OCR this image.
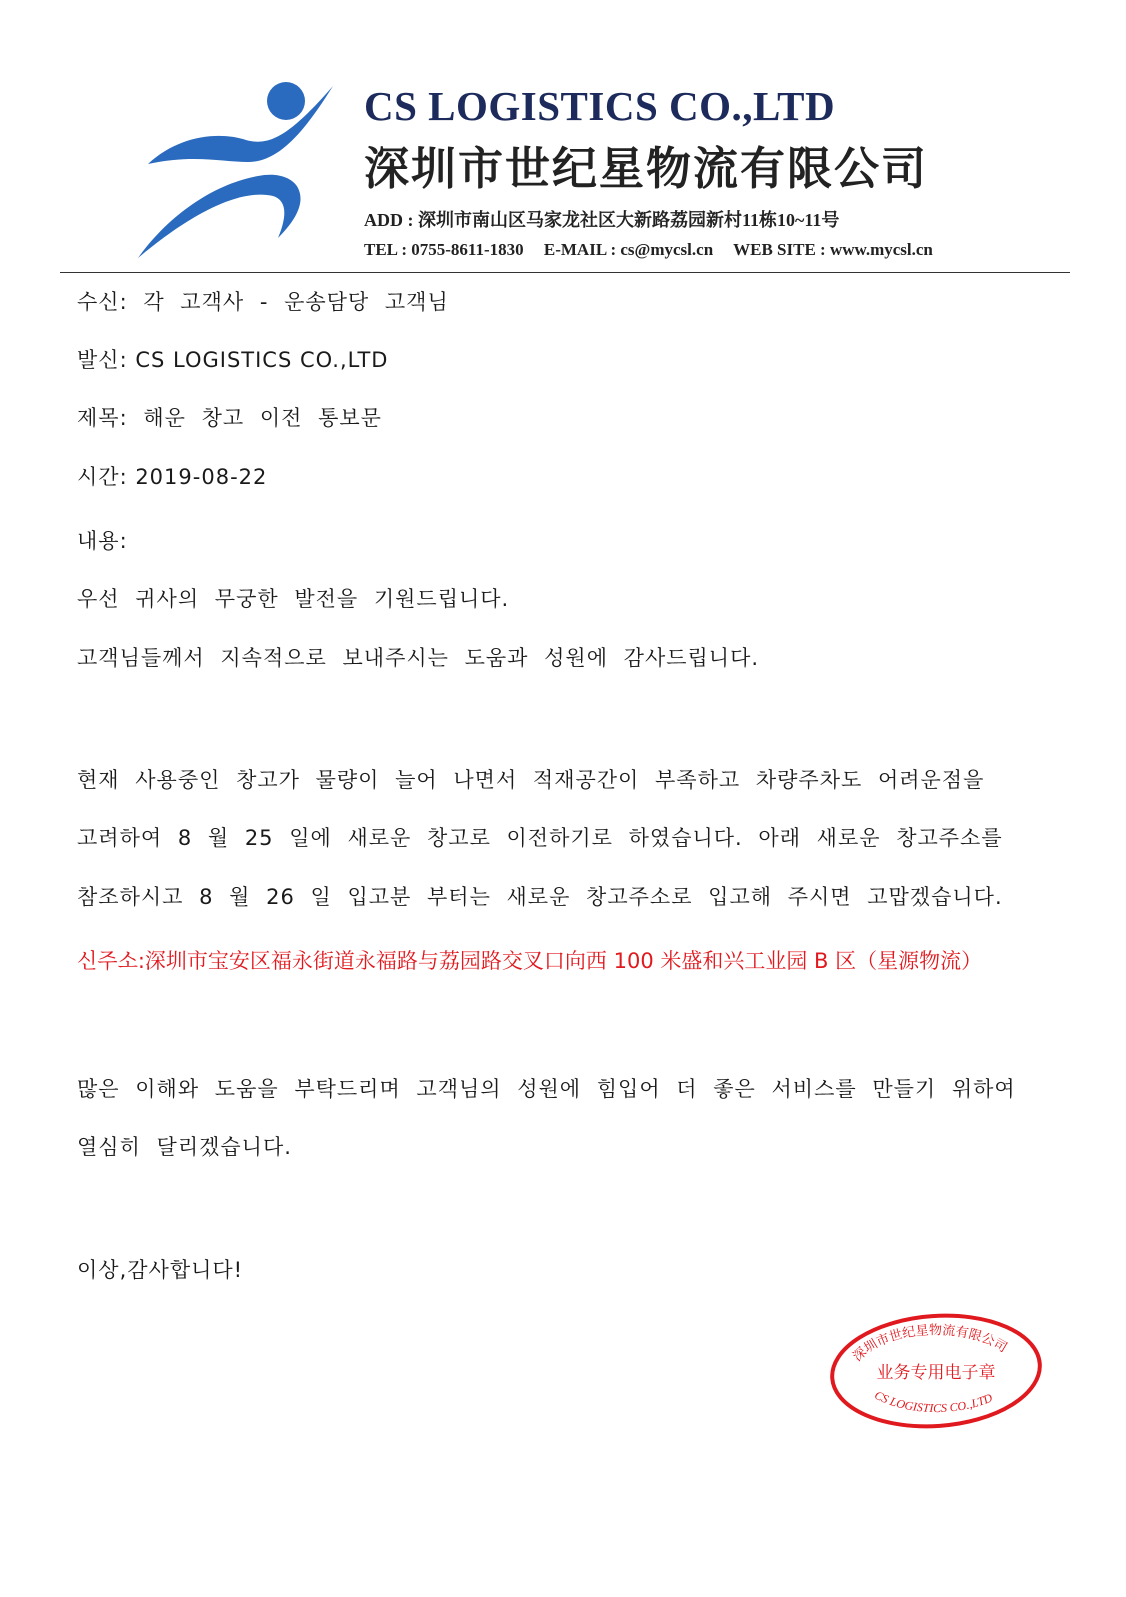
CS LOGISTICS CO.,LTD
深圳市世纪星物流有限公司
ADD : 深圳市南山区马家龙社区大新路荔园新村11栋10~11号
TEL : 0755-8611-1830 E-MAIL : cs@mycsl.cn WEB SITE : www.mycsl.cn
수신: 각 고객사 - 운송담당 고객님
발신: CS LOGISTICS CO.,LTD
제목: 해운 창고 이전 통보문
시간: 2019-08-22
내용:
우선 귀사의 무궁한 발전을 기원드립니다.
고객님들께서 지속적으로 보내주시는 도움과 성원에 감사드립니다.
현재 사용중인 창고가 물량이 늘어 나면서 적재공간이 부족하고 차량주차도 어려운점을
고려하여 8 월 25 일에 새로운 창고로 이전하기로 하였습니다. 아래 새로운 창고주소를
참조하시고 8 월 26 일 입고분 부터는 새로운 창고주소로 입고해 주시면 고맙겠습니다.
신주소:深圳市宝安区福永街道永福路与荔园路交叉口向西 100 米盛和兴工业园 B 区（星源物流）
많은 이해와 도움을 부탁드리며 고객님의 성원에 힘입어 더 좋은 서비스를 만들기 위하여
열심히 달리겠습니다.
이상,감사합니다!
深圳市世纪星物流有限公司
业务专用电子章
CS LOGISTICS CO.,LTD
